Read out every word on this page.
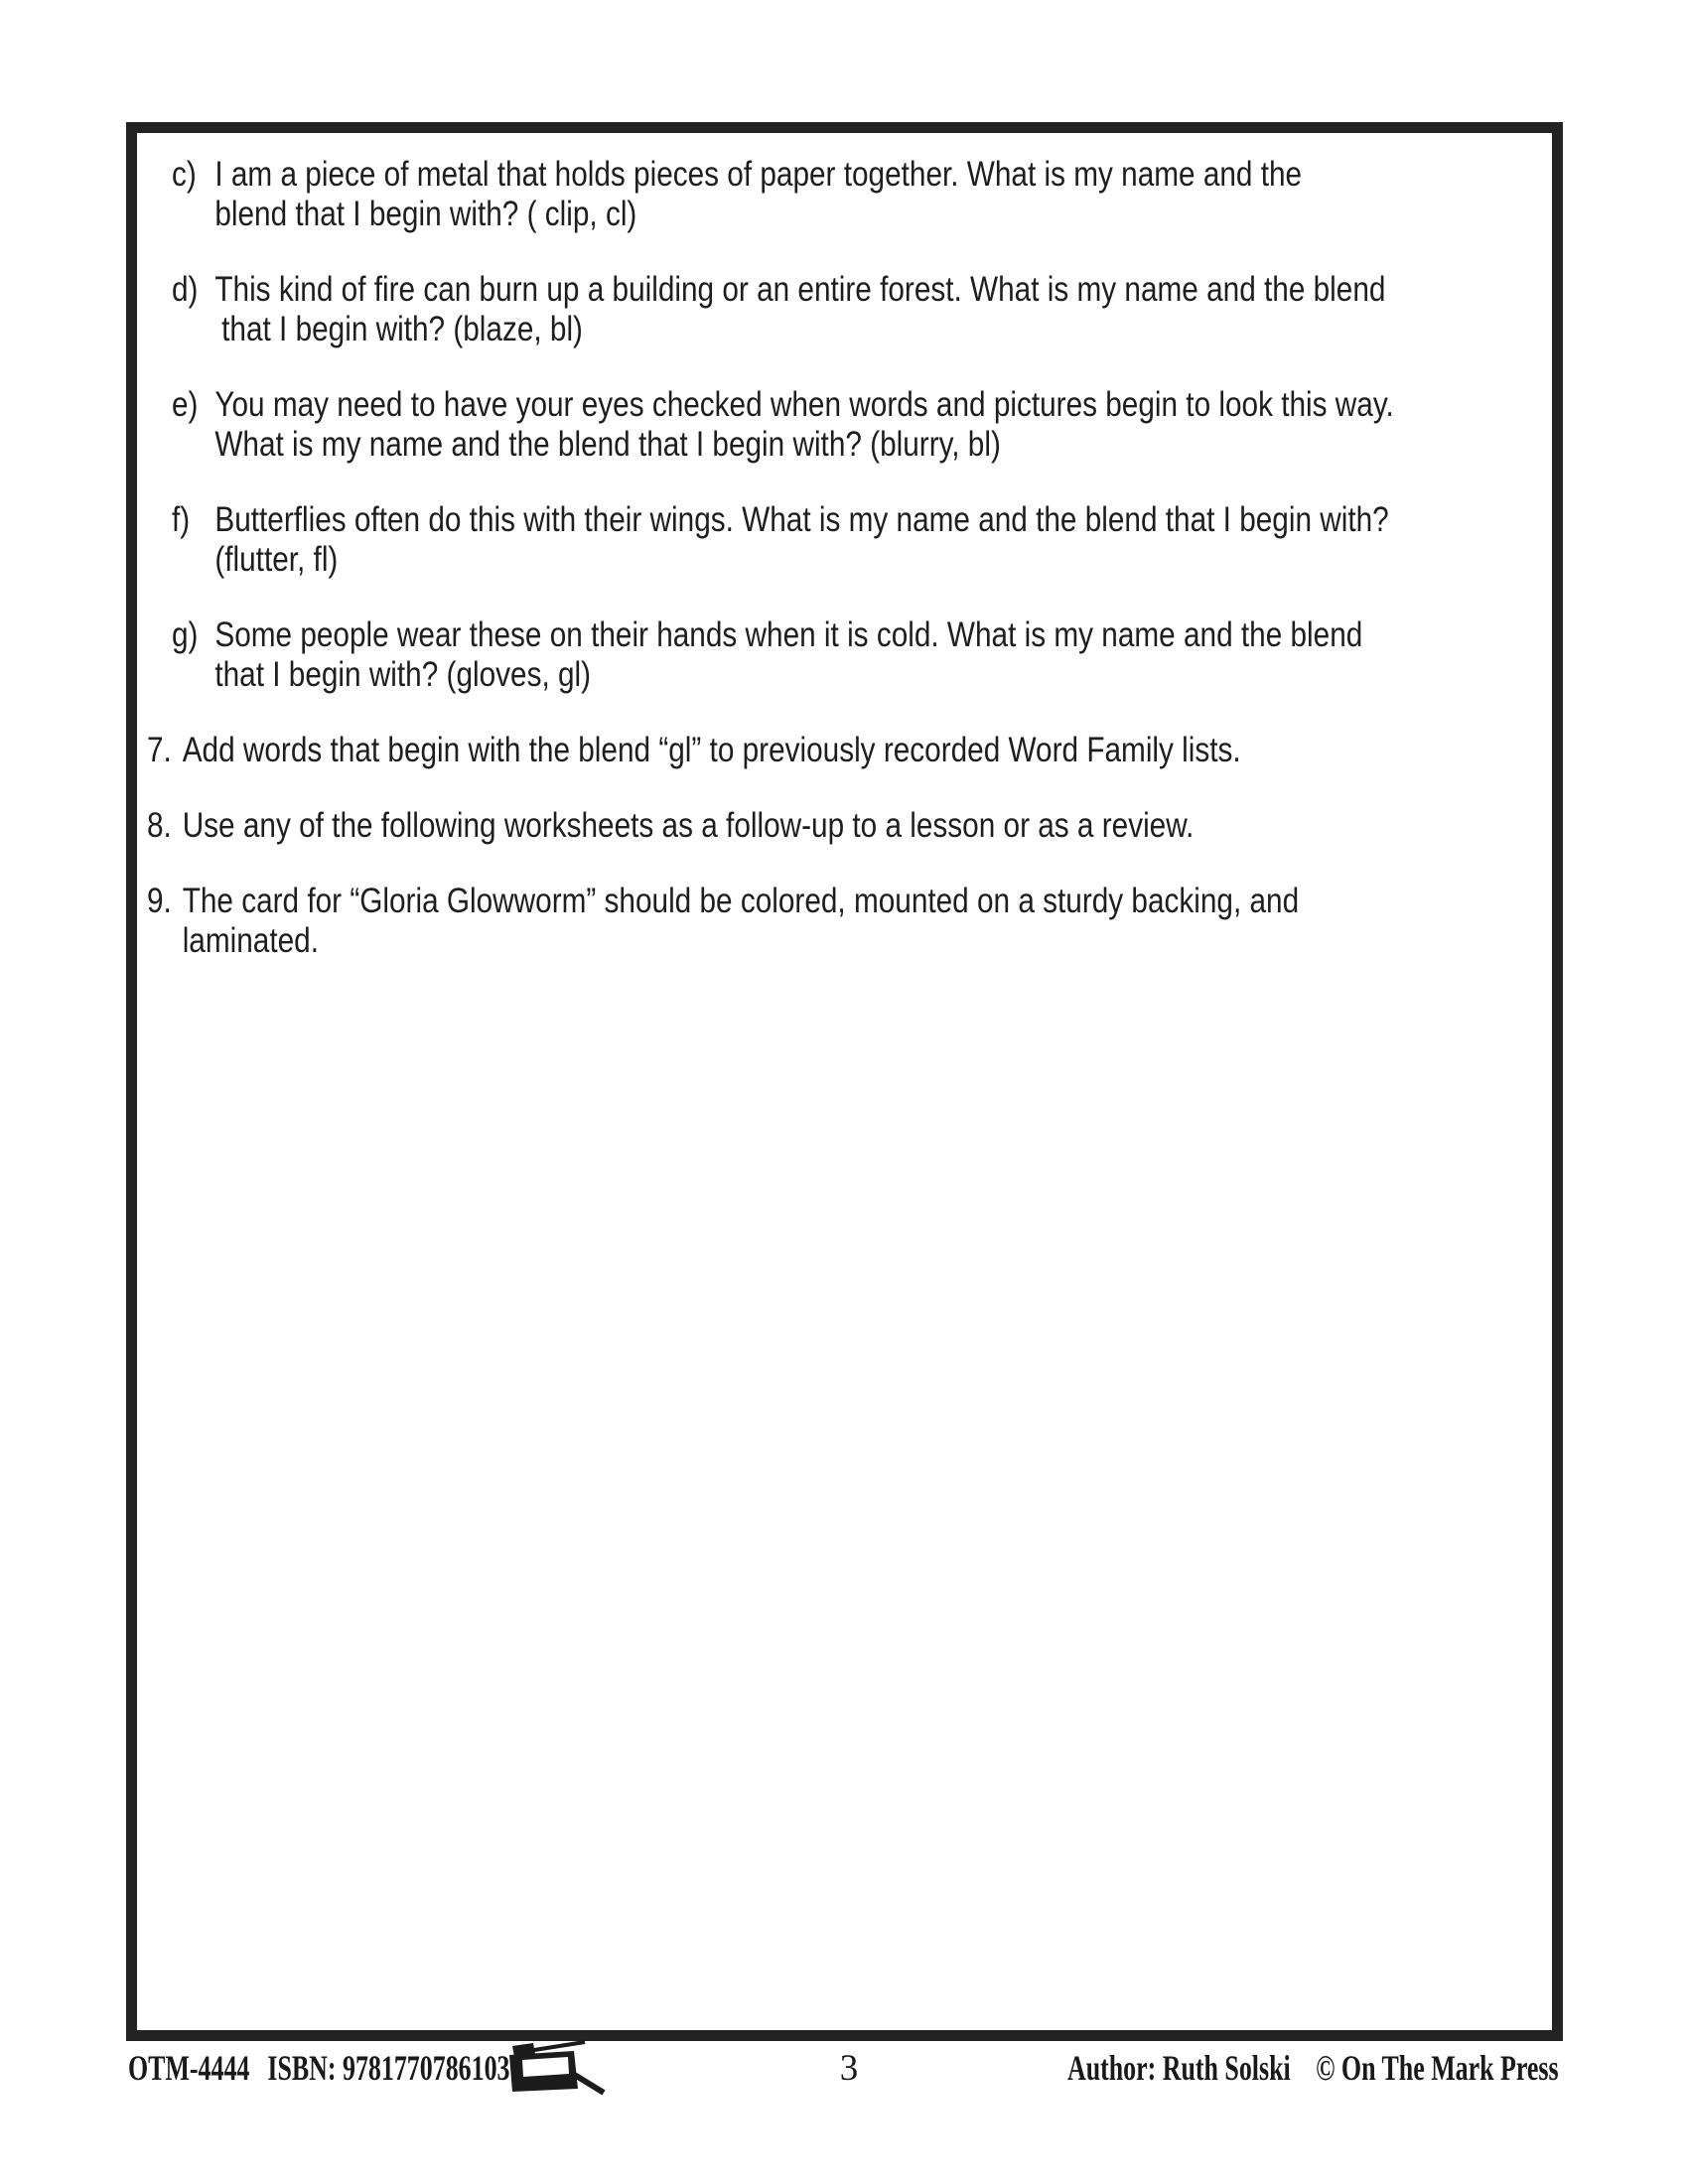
c) I am a piece of metal that holds pieces of paper together. What is my name and the
blend that I begin with? ( clip, cl)
d) This kind of fire can burn up a building or an entire forest. What is my name and the blend
that I begin with? (blaze, bl)
e) You may need to have your eyes checked when words and pictures begin to look this way.
What is my name and the blend that I begin with? (blurry, bl)
f) Butterflies often do this with their wings. What is my name and the blend that I begin with?
(flutter, fl)
g) Some people wear these on their hands when it is cold. What is my name and the blend
that I begin with? (gloves, gl)
7. Add words that begin with the blend “gl” to previously recorded Word Family lists.
8. Use any of the following worksheets as a follow-up to a lesson or as a review.
9. The card for “Gloria Glowworm” should be colored, mounted on a sturdy backing, and
laminated.
OTM-4444 ISBN: 9781770786103	3	Author: Ruth Solski © On The Mark Press
